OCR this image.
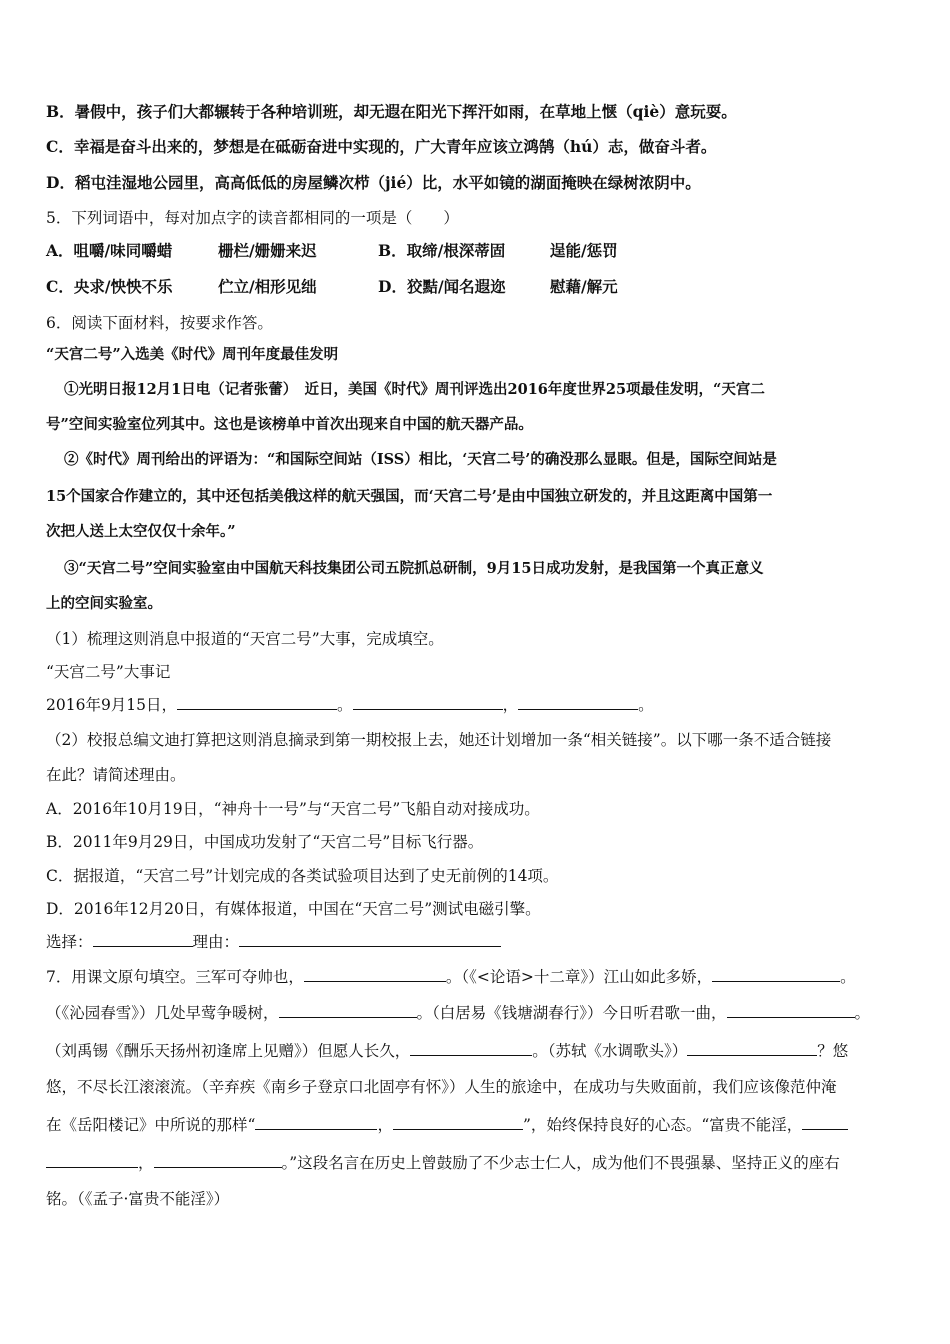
B．暑假中，孩子们大都辗转于各种培训班，却无遐在阳光下挥汗如雨，在草地上惬（qiè）意玩耍。
C．幸福是奋斗出来的，梦想是在砥砺奋进中实现的，广大青年应该立鸿鹄（hú）志，做奋斗者。
D．稻屯洼湿地公园里，高高低低的房屋鳞次栉（jié）比，水平如镜的湖面掩映在绿树浓阴中。
5．下列词语中，每对加点字的读音都相同的一项是（　　）
A．咀嚼/味同嚼蜡	栅栏/姗姗来迟	B．取缔/根深蒂固	逞能/惩罚
C．央求/怏怏不乐	伫立/相形见绌	D．狡黠/闻名遐迩	慰藉/解元
6．阅读下面材料，按要求作答。
“天宫二号”入选美《时代》周刊年度最佳发明
①光明日报12月1日电（记者张蕾）　近日，美国《时代》周刊评选出2016年度世界25项最佳发明，“天宫二
号”空间实验室位列其中。这也是该榜单中首次出现来自中国的航天器产品。
②《时代》周刊给出的评语为：“和国际空间站（ISS）相比，‘天宫二号’的确没那么显眼。但是，国际空间站是
15个国家合作建立的，其中还包括美俄这样的航天强国，而‘天宫二号’是由中国独立研发的，并且这距离中国第一
次把人送上太空仅仅十余年。”
③“天宫二号”空间实验室由中国航天科技集团公司五院抓总研制，9月15日成功发射，是我国第一个真正意义
上的空间实验室。
（1）梳理这则消息中报道的“天宫二号”大事，完成填空。
“天宫二号”大事记
2016年9月15日，	。	，	。
（2）校报总编文迪打算把这则消息摘录到第一期校报上去，她还计划增加一条“相关链接”。以下哪一条不适合链接
在此？请简述理由。
A．2016年10月19日，“神舟十一号”与“天宫二号”飞船自动对接成功。
B．2011年9月29日，中国成功发射了“天宫二号”目标飞行器。
C．据报道，“天宫二号”计划完成的各类试验项目达到了史无前例的14项。
D．2016年12月20日，有媒体报道，中国在“天宫二号”测试电磁引擎。
选择：	理由：
7．用课文原句填空。三军可夺帅也，	。（《<论语>十二章》）江山如此多娇，	。
（《沁园春雪》）几处早莺争暖树，	。（白居易《钱塘湖春行》）今日听君歌一曲，	。
（刘禹锡《酬乐天扬州初逢席上见赠》）但愿人长久，	。（苏轼《水调歌头》）	？悠
悠，不尽长江滚滚流。（辛弃疾《南乡子登京口北固亭有怀》）人生的旅途中，在成功与失败面前，我们应该像范仲淹
在《岳阳楼记》中所说的那样“	，	”，始终保持良好的心态。“富贵不能淫，
，	。”这段名言在历史上曾鼓励了不少志士仁人，成为他们不畏强暴、坚持正义的座右
铭。（《孟子·富贵不能淫》）
